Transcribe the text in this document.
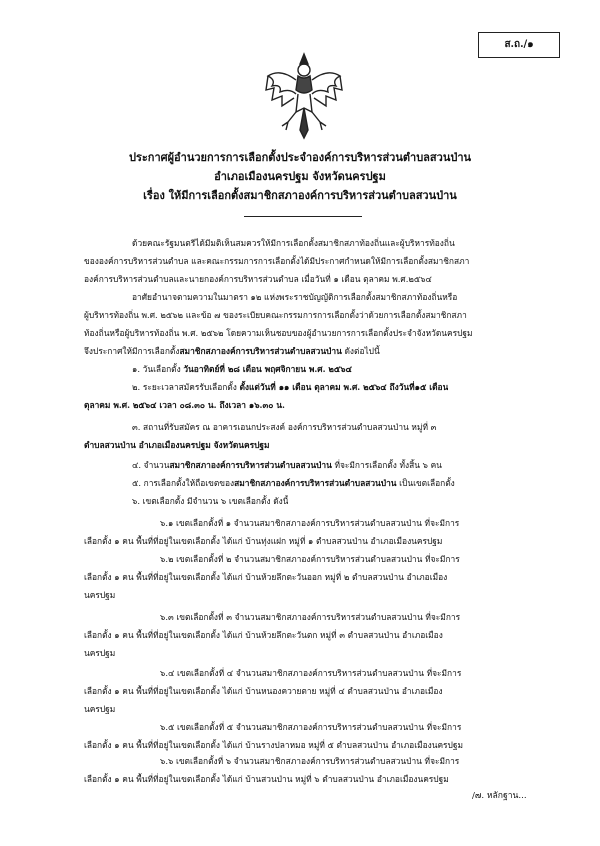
ส.ถ./๑
ประกาศผู้อำนวยการการเลือกตั้งประจำองค์การบริหารส่วนตำบลสวนป่าน
อำเภอเมืองนครปฐม จังหวัดนครปฐม
เรื่อง ให้มีการเลือกตั้งสมาชิกสภาองค์การบริหารส่วนตำบลสวนป่าน
ด้วยคณะรัฐมนตรีได้มีมติเห็นสมควรให้มีการเลือกตั้งสมาชิกสภาท้องถิ่นและผู้บริหารท้องถิ่น
ขององค์การบริหารส่วนตำบล และคณะกรรมการการเลือกตั้งได้มีประกาศกำหนดให้มีการเลือกตั้งสมาชิกสภา
องค์การบริหารส่วนตำบลและนายกองค์การบริหารส่วนตำบล เมื่อวันที่ ๑ เดือน ตุลาคม พ.ศ.๒๕๖๔
อาศัยอำนาจตามความในมาตรา ๑๒ แห่งพระราชบัญญัติการเลือกตั้งสมาชิกสภาท้องถิ่นหรือ
ผู้บริหารท้องถิ่น พ.ศ. ๒๕๖๒ และข้อ ๗ ของระเบียบคณะกรรมการการเลือกตั้งว่าด้วยการเลือกตั้งสมาชิกสภา
ท้องถิ่นหรือผู้บริหารท้องถิ่น พ.ศ. ๒๕๖๒ โดยความเห็นชอบของผู้อำนวยการการเลือกตั้งประจำจังหวัดนครปฐม
จึงประกาศให้มีการเลือกตั้งสมาชิกสภาองค์การบริหารส่วนตำบลสวนป่าน ดังต่อไปนี้
๑. วันเลือกตั้ง วันอาทิตย์ที่ ๒๘ เดือน พฤศจิกายน พ.ศ. ๒๕๖๔
๒. ระยะเวลาสมัครรับเลือกตั้ง ตั้งแต่วันที่ ๑๑ เดือน ตุลาคม พ.ศ. ๒๕๖๔ ถึงวันที่๑๕ เดือน
ตุลาคม พ.ศ. ๒๕๖๔ เวลา ๐๘.๓๐ น. ถึงเวลา ๑๖.๓๐ น.
๓. สถานที่รับสมัคร ณ อาคารเอนกประสงค์ องค์การบริหารส่วนตำบลสวนป่าน หมู่ที่ ๓
ตำบลสวนป่าน อำเภอเมืองนครปฐม จังหวัดนครปฐม
๔. จำนวนสมาชิกสภาองค์การบริหารส่วนตำบลสวนป่าน ที่จะมีการเลือกตั้ง ทั้งสิ้น ๖ คน
๕. การเลือกตั้งให้ถือเขตของสมาชิกสภาองค์การบริหารส่วนตำบลสวนป่าน เป็นเขตเลือกตั้ง
๖. เขตเลือกตั้ง มีจำนวน ๖ เขตเลือกตั้ง ดังนี้
๖.๑ เขตเลือกตั้งที่ ๑ จำนวนสมาชิกสภาองค์การบริหารส่วนตำบลสวนป่าน ที่จะมีการ
เลือกตั้ง ๑ คน พื้นที่ที่อยู่ในเขตเลือกตั้ง ได้แก่ บ้านทุ่งแฝก หมู่ที่ ๑ ตำบลสวนป่าน อำเภอเมืองนครปฐม
๖.๒ เขตเลือกตั้งที่ ๒ จำนวนสมาชิกสภาองค์การบริหารส่วนตำบลสวนป่าน ที่จะมีการ
เลือกตั้ง ๑ คน พื้นที่ที่อยู่ในเขตเลือกตั้ง ได้แก่ บ้านห้วยลึกตะวันออก หมู่ที่ ๒ ตำบลสวนป่าน อำเภอเมือง
นครปฐม
๖.๓ เขตเลือกตั้งที่ ๓ จำนวนสมาชิกสภาองค์การบริหารส่วนตำบลสวนป่าน ที่จะมีการ
เลือกตั้ง ๑ คน พื้นที่ที่อยู่ในเขตเลือกตั้ง ได้แก่ บ้านห้วยลึกตะวันตก หมู่ที่ ๓ ตำบลสวนป่าน อำเภอเมือง
นครปฐม
๖.๔ เขตเลือกตั้งที่ ๔ จำนวนสมาชิกสภาองค์การบริหารส่วนตำบลสวนป่าน ที่จะมีการ
เลือกตั้ง ๑ คน พื้นที่ที่อยู่ในเขตเลือกตั้ง ได้แก่ บ้านหนองควายตาย หมู่ที่ ๔ ตำบลสวนป่าน อำเภอเมือง
นครปฐม
๖.๕ เขตเลือกตั้งที่ ๕ จำนวนสมาชิกสภาองค์การบริหารส่วนตำบลสวนป่าน ที่จะมีการ
เลือกตั้ง ๑ คน พื้นที่ที่อยู่ในเขตเลือกตั้ง ได้แก่ บ้านรางปลาหมอ หมู่ที่ ๕ ตำบลสวนป่าน อำเภอเมืองนครปฐม
๖.๖ เขตเลือกตั้งที่ ๖ จำนวนสมาชิกสภาองค์การบริหารส่วนตำบลสวนป่าน ที่จะมีการ
เลือกตั้ง ๑ คน พื้นที่ที่อยู่ในเขตเลือกตั้ง ได้แก่ บ้านสวนป่าน หมู่ที่ ๖ ตำบลสวนป่าน อำเภอเมืองนครปฐม
/๗. หลักฐาน...
